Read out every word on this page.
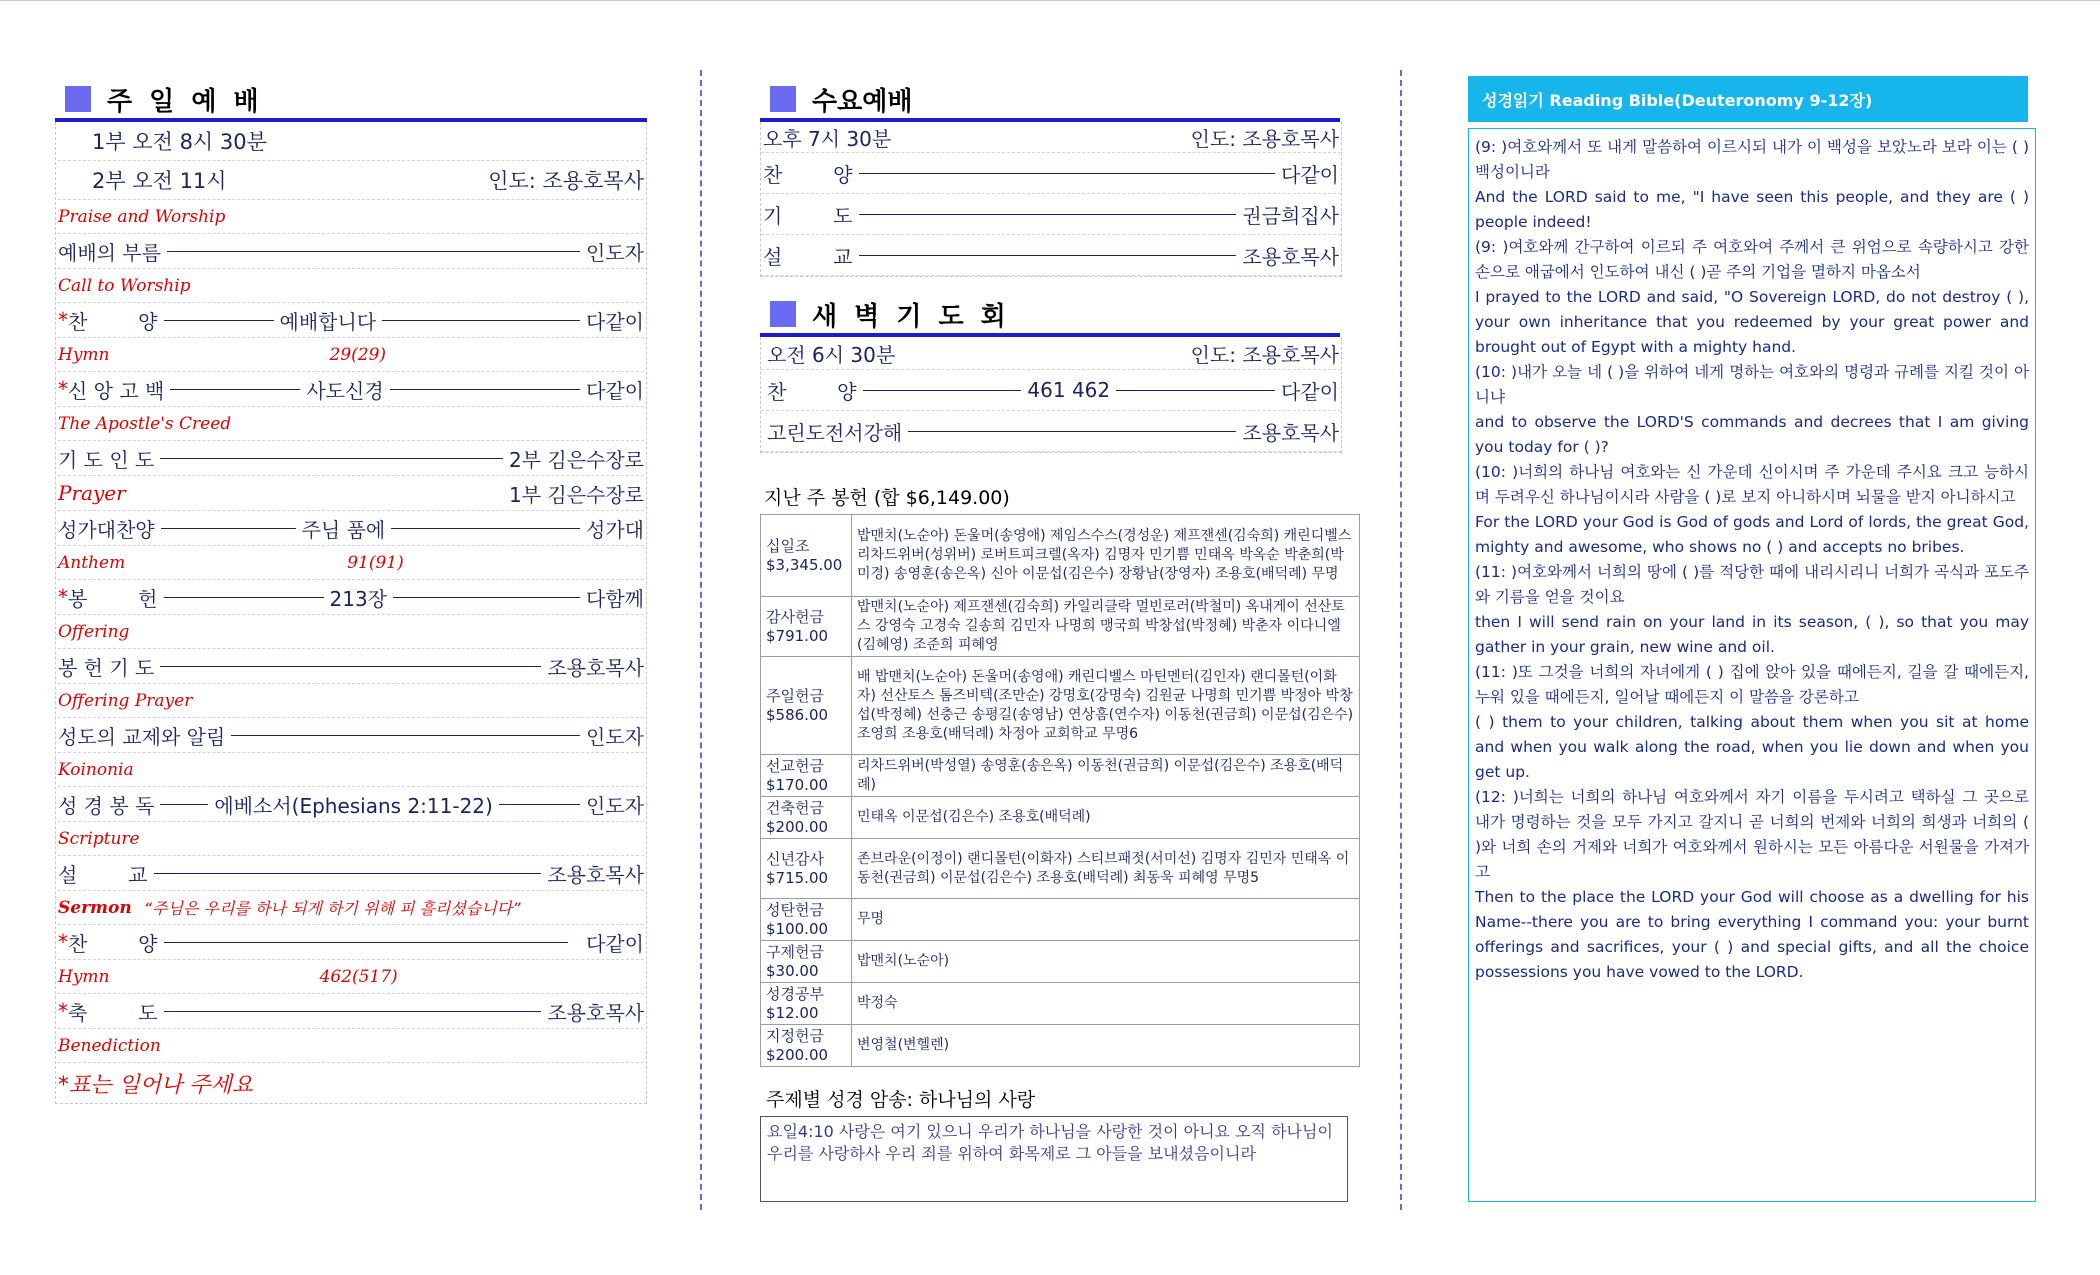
주 일 예 배
1부 오전 8시 30분
2부 오전 11시	인도: 조용호목사
Praise and Worship
예배의 부름	인도자
Call to Worship
* 찬        양	예배합니다	다같이
Hymn	29(29)
* 신 앙 고 백	사도신경	다같이
The Apostle's Creed
기 도 인 도	2부 김은수장로
Prayer	1부 김은수장로
성가대찬양	주님 품에	성가대
Anthem	91(91)
* 봉        헌	213장	다함께
Offering
봉 헌 기 도	조용호목사
Offering Prayer
성도의 교제와 알림	인도자
Koinonia
성 경 봉 독	에베소서(Ephesians 2:11-22)	인도자
Scripture
설        교	조용호목사
Sermon “주님은 우리를 하나 되게 하기 위해 피 흘리셨습니다”
* 찬        양	다같이
Hymn	462(517)
* 축        도	조용호목사
Benediction
*표는 일어나 주세요
수요예배
오후 7시 30분	인도: 조용호목사
찬        양	다같이
기        도	권금희집사
설        교	조용호목사
새 벽 기 도 회
오전 6시 30분	인도: 조용호목사
찬        양	461 462	다같이
고린도전서강해	조용호목사
지난 주 봉헌 (합 $6,149.00)
십일조
$3,345.00	밥맨치(노순아) 돈울머(송영애) 제임스수스(경성운) 제프잰센(김숙희) 캐린디벨스 리차드위버(성위버) 로버트피크렐(옥자) 김명자 민기쁨 민태옥 박옥순 박춘희(박미경) 송영훈(송은옥) 신아 이문섭(김은수) 장황남(장영자) 조용호(배덕례) 무명

감사헌금
$791.00	밥맨치(노순아) 제프잰센(김숙희) 카일리클락 멀빈로러(박철미) 옥내게이 선산토스 강영숙 고경숙 길송희 김민자 나명희 맹국희 박창섭(박정혜) 박춘자 이다니엘(김혜영) 조준희 피혜영

주일헌금
$586.00	배 밥맨치(노순아) 돈울머(송영애) 캐린디벨스 마틴멘터(김인자) 랜디몰턴(이화자) 선산토스 톰즈비텍(조만순) 강명호(강명숙) 김원균 나명희 민기쁨 박정아 박창섭(박정혜) 선충근 송평길(송영남) 연상흠(연수자) 이동천(권금희) 이문섭(김은수) 조영희 조용호(배덕례) 차정아 교회학교 무명6

선교헌금
$170.00	리차드위버(박성열) 송영훈(송은옥) 이동천(권금희) 이문섭(김은수) 조용호(배덕례)

건축헌금
$200.00	민태옥 이문섭(김은수) 조용호(배덕례)

신년감사
$715.00	존브라운(이정이) 랜디몰턴(이화자) 스티브패젓(서미선) 김명자 김민자 민태옥 이동천(권금희) 이문섭(김은수) 조용호(배덕례) 최동욱 피혜영 무명5

성탄헌금
$100.00	무명

구제헌금
$30.00	밥맨치(노순아)

성경공부
$12.00	박정숙

지정헌금
$200.00	변영철(변헬렌)
주제별 성경 암송: 하나님의 사랑
요일4:10 사랑은 여기 있으니 우리가 하나님을 사랑한 것이 아니요 오직 하나님이 우리를 사랑하사 우리 죄를 위하여 화목제로 그 아들을 보내셨음이니라
성경읽기 Reading Bible(Deuteronomy 9-12장)

(9: )여호와께서 또 내게 말씀하여 이르시되 내가 이 백성을 보았노라 보라 이는 ( ) 백성이니라

And the LORD said to me, "I have seen this people, and they are ( ) people indeed!

(9: )여호와께 간구하여 이르되 주 여호와여 주께서 큰 위엄으로 속량하시고 강한 손으로 애굽에서 인도하여 내신 ( )곧 주의 기업을 멸하지 마옵소서

I prayed to the LORD and said, "O Sovereign LORD, do not destroy ( ), your own inheritance that you redeemed by your great power and brought out of Egypt with a mighty hand.

(10: )내가 오늘 네 ( )을 위하여 네게 명하는 여호와의 명령과 규례를 지킬 것이 아니냐

and to observe the LORD'S commands and decrees that I am giving you today for ( )?

(10: )너희의 하나님 여호와는 신 가운데 신이시며 주 가운데 주시요 크고 능하시며 두려우신 하나님이시라 사람을 ( )로 보지 아니하시며 뇌물을 받지 아니하시고

For the LORD your God is God of gods and Lord of lords, the great God, mighty and awesome, who shows no ( ) and accepts no bribes.

(11: )여호와께서 너희의 땅에 ( )를 적당한 때에 내리시리니 너희가 곡식과 포도주와 기름을 얻을 것이요

then I will send rain on your land in its season, ( ), so that you may gather in your grain, new wine and oil.

(11: )또 그것을 너희의 자녀에게 ( ) 집에 앉아 있을 때에든지, 길을 갈 때에든지, 누워 있을 때에든지, 일어날 때에든지 이 말씀을 강론하고

( ) them to your children, talking about them when you sit at home and when you walk along the road, when you lie down and when you get up.

(12: )너희는 너희의 하나님 여호와께서 자기 이름을 두시려고 택하실 그 곳으로 내가 명령하는 것을 모두 가지고 갈지니 곧 너희의 번제와 너희의 희생과 너희의 ( )와 너희 손의 거제와 너희가 여호와께서 원하시는 모든 아름다운 서원물을 가져가고

Then to the place the LORD your God will choose as a dwelling for his Name--there you are to bring everything I command you: your burnt offerings and sacrifices, your ( ) and special gifts, and all the choice possessions you have vowed to the LORD.
